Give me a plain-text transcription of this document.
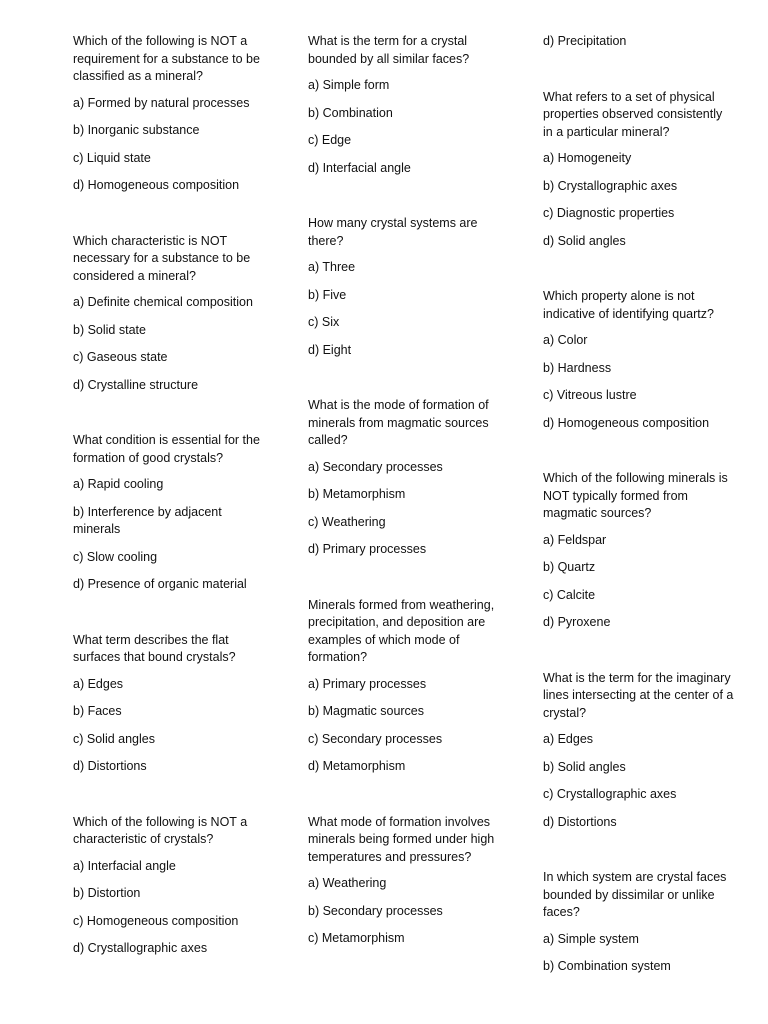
Which of the following is NOT a requirement for a substance to be classified as a mineral?
a) Formed by natural processes
b) Inorganic substance
c) Liquid state
d) Homogeneous composition
Which characteristic is NOT necessary for a substance to be considered a mineral?
a) Definite chemical composition
b) Solid state
c) Gaseous state
d) Crystalline structure
What condition is essential for the formation of good crystals?
a) Rapid cooling
b) Interference by adjacent minerals
c) Slow cooling
d) Presence of organic material
What term describes the flat surfaces that bound crystals?
a) Edges
b) Faces
c) Solid angles
d) Distortions
Which of the following is NOT a characteristic of crystals?
a) Interfacial angle
b) Distortion
c) Homogeneous composition
d) Crystallographic axes
What is the term for a crystal bounded by all similar faces?
a) Simple form
b) Combination
c) Edge
d) Interfacial angle
How many crystal systems are there?
a) Three
b) Five
c) Six
d) Eight
What is the mode of formation of minerals from magmatic sources called?
a) Secondary processes
b) Metamorphism
c) Weathering
d) Primary processes
Minerals formed from weathering, precipitation, and deposition are examples of which mode of formation?
a) Primary processes
b) Magmatic sources
c) Secondary processes
d) Metamorphism
What mode of formation involves minerals being formed under high temperatures and pressures?
a) Weathering
b) Secondary processes
c) Metamorphism
d) Precipitation
What refers to a set of physical properties observed consistently in a particular mineral?
a) Homogeneity
b) Crystallographic axes
c) Diagnostic properties
d) Solid angles
Which property alone is not indicative of identifying quartz?
a) Color
b) Hardness
c) Vitreous lustre
d) Homogeneous composition
Which of the following minerals is NOT typically formed from magmatic sources?
a) Feldspar
b) Quartz
c) Calcite
d) Pyroxene
What is the term for the imaginary lines intersecting at the center of a crystal?
a) Edges
b) Solid angles
c) Crystallographic axes
d) Distortions
In which system are crystal faces bounded by dissimilar or unlike faces?
a) Simple system
b) Combination system
